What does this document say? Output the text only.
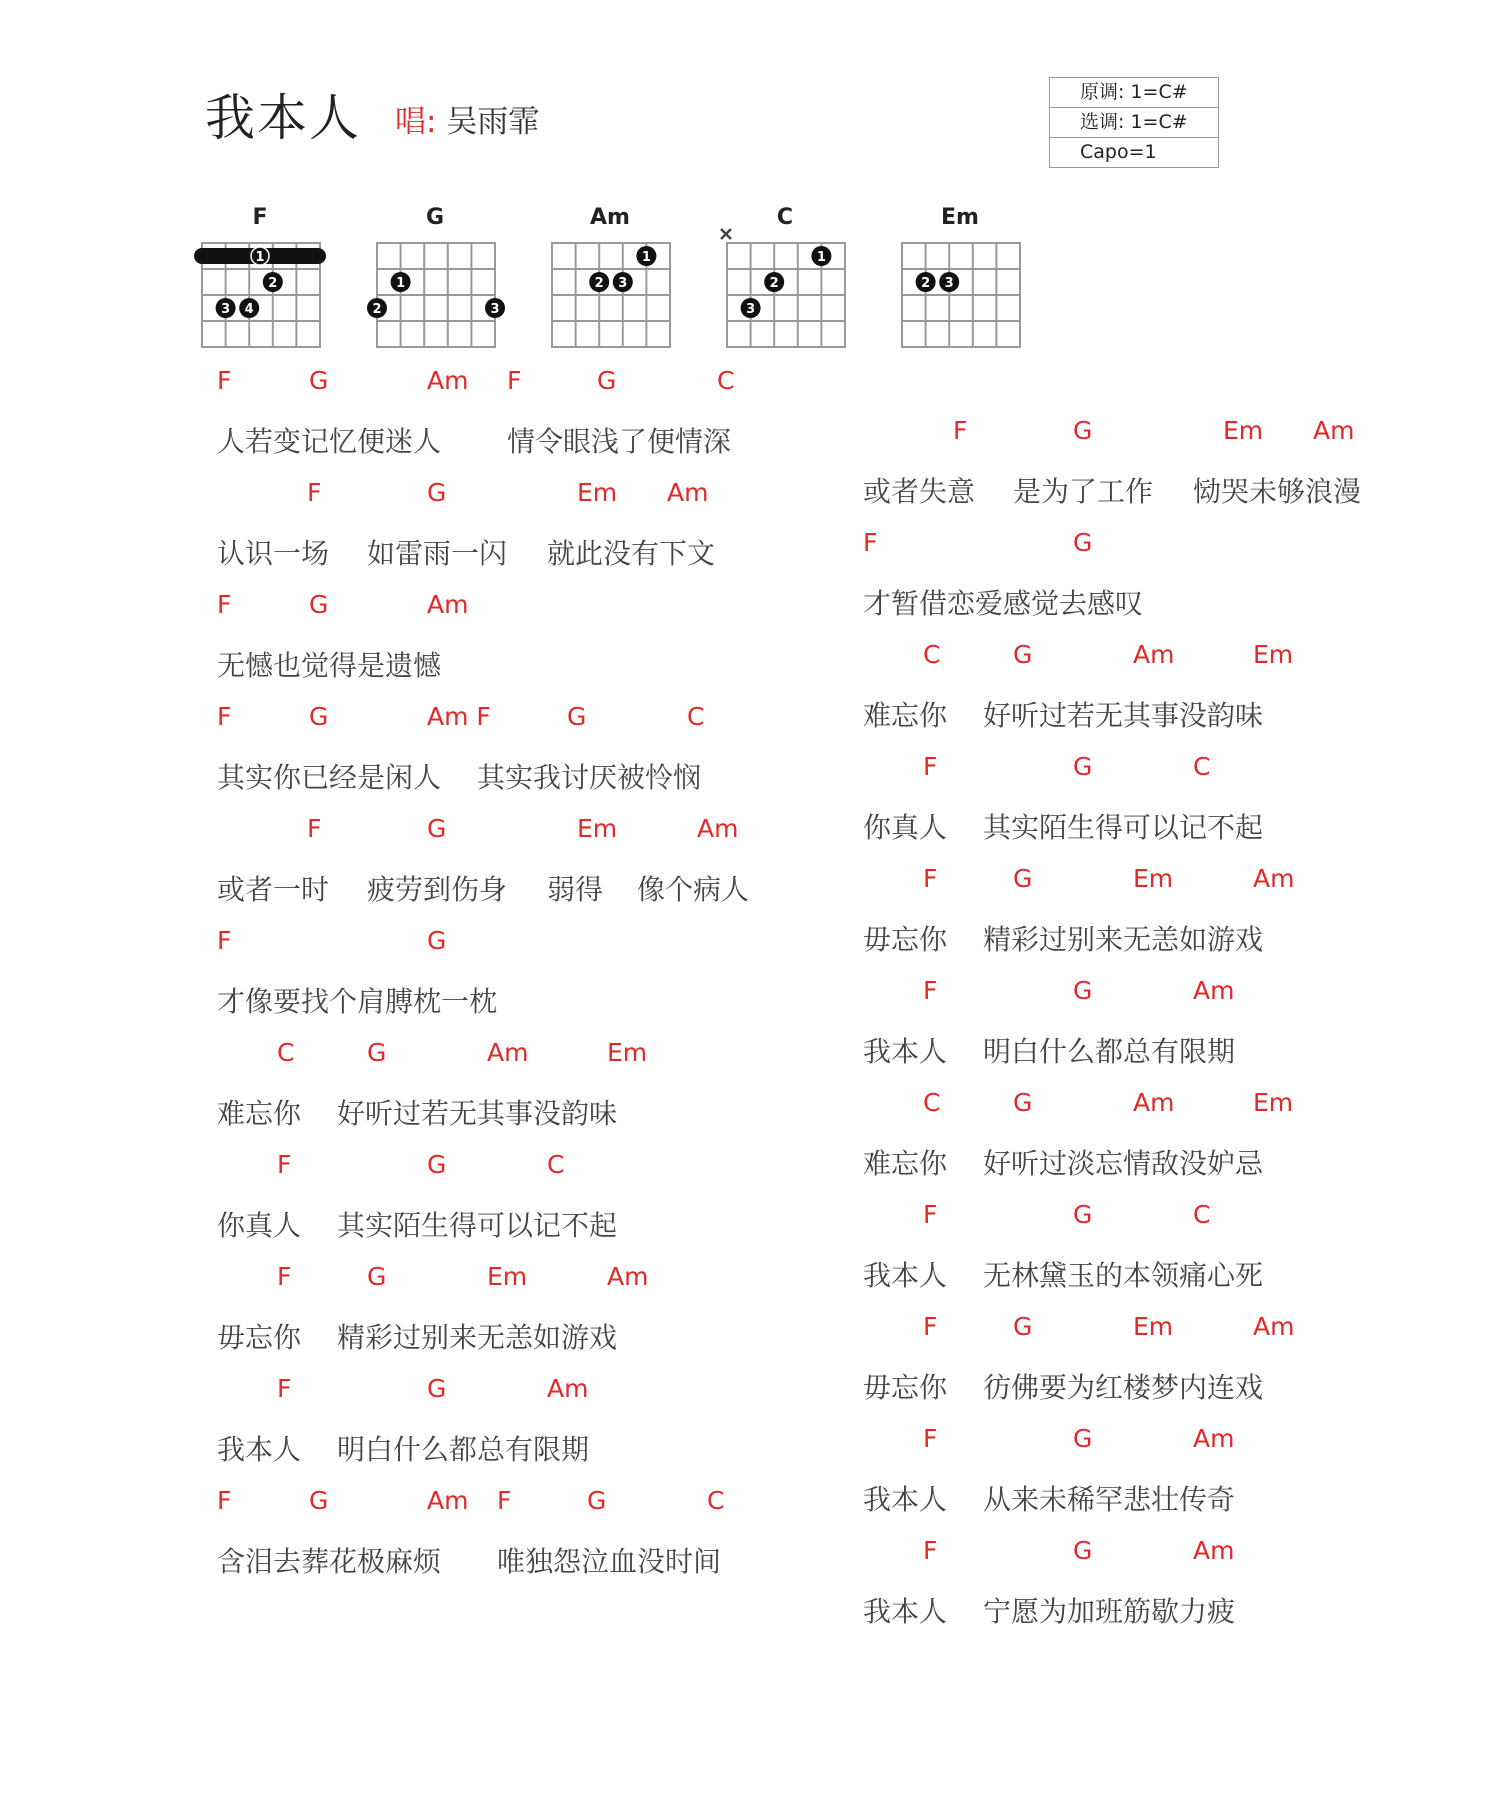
我本人 唱: 吴雨霏
原调: 1=C#
选调: 1=C#
Capo=1
F
1
2
3 4
G
1
2	3
Am
1
2 3
C
1
2
3
Em
2 3

F

	G

	Am

F

	G

	C

人若变记忆便迷人

情令眼浅了便情深

F

	G

	Em

Am

认识一场

如雷雨一闪

就此没有下文

F

	G

	Am

无憾也觉得是遗憾

F

	G

	Am F

	G

	C

其实你已经是闲人

其实我讨厌被怜悯

F

	G

	Em

	Am

或者一时

疲劳到伤身

弱得

像个病人

F

	G

才像要找个肩膊枕一枕

C

	G

	Am

	Em

难忘你

好听过若无其事没韵味

F

	G

	C

你真人

其实陌生得可以记不起

F

	G

	Em

	Am

毋忘你

精彩过别来无恙如游戏

F

	G

	Am

我本人

明白什么都总有限期

F

	G

	Am

F

	G

	C

含泪去葬花极麻烦

唯独怨泣血没时间

F

	G

	Em

Am

或者失意

是为了工作

恸哭未够浪漫

F

	G

才暂借恋爱感觉去感叹

C

	G

	Am

	Em

难忘你

好听过若无其事没韵味

F

	G

	C

你真人

其实陌生得可以记不起

F

	G

	Em

	Am

毋忘你

精彩过别来无恙如游戏

F

	G

	Am

我本人

明白什么都总有限期

C

	G

	Am

	Em

难忘你

好听过淡忘情敌没妒忌

F

	G

	C

我本人

无林黛玉的本领痛心死

F

	G

	Em

	Am

毋忘你

彷佛要为红楼梦内连戏

F

	G

	Am

我本人

从来未稀罕悲壮传奇

F

	G

	Am

我本人

宁愿为加班筋歇力疲
